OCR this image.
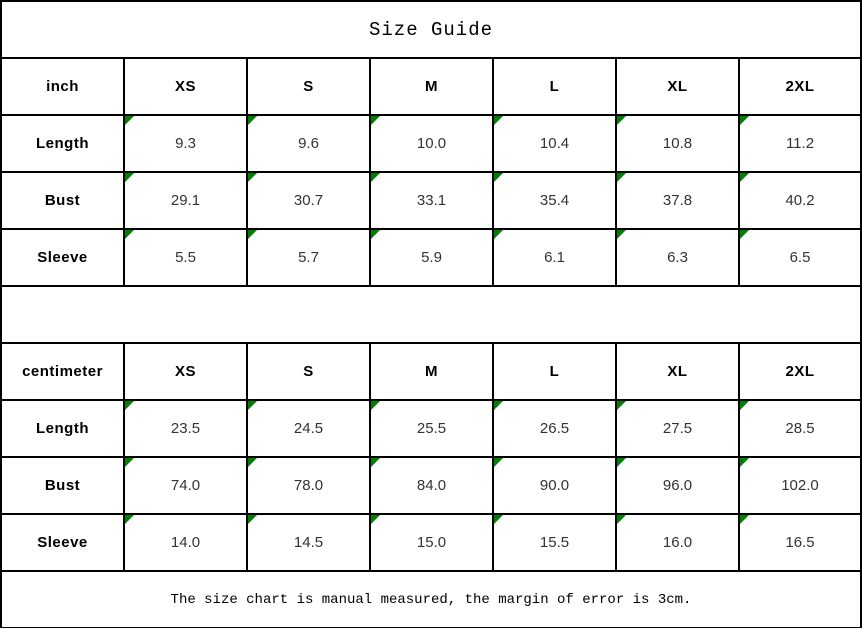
Size Guide						
inch	XS	S	M	L	XL	2XL
Length	9.3	9.6	10.0	10.4	10.8	11.2
Bust	29.1	30.7	33.1	35.4	37.8	40.2
Sleeve	5.5	5.7	5.9	6.1	6.3	6.5

centimeter	XS	S	M	L	XL	2XL
Length	23.5	24.5	25.5	26.5	27.5	28.5
Bust	74.0	78.0	84.0	90.0	96.0	102.0
Sleeve	14.0	14.5	15.0	15.5	16.0	16.5
The size chart is manual measured, the margin of error is 3cm.						
